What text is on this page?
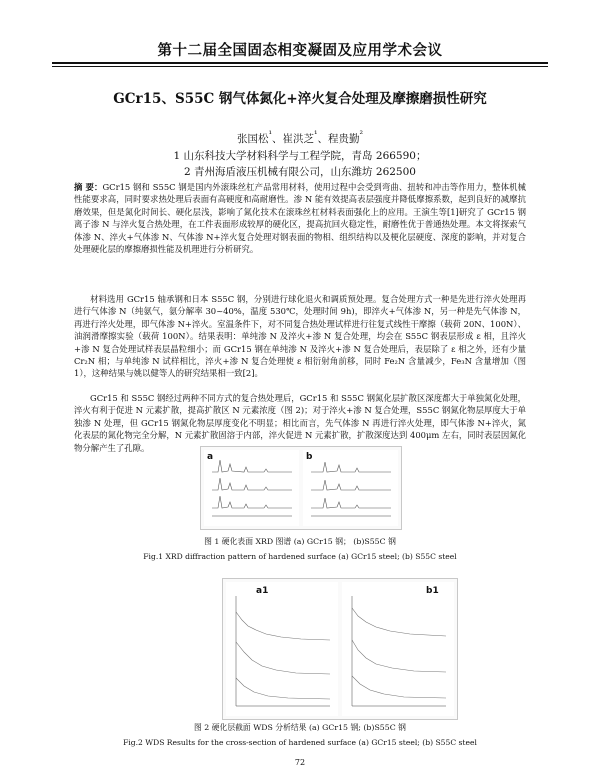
第十二届全国固态相变凝固及应用学术会议
GCr15、S55C 钢气体氮化+淬火复合处理及摩擦磨损性研究
张国松$^{^1}$、崔洪芝$^{^1}$、程贵勤$^{^2}$
1 山东科技大学材料科学与工程学院，青岛 266590；
2 青州海盾液压机械有限公司，山东潍坊 262500
摘 要：GCr15 钢和 S55C 钢是国内外滚珠丝杠产品常用材料，使用过程中会受到弯曲、扭转和冲击等作用力，整体机械性能要求高，同时要求热处理后表面有高硬度和高耐磨性。渗 N 能有效提高表层强度并降低摩擦系数，起到良好的减摩抗磨效果，但是氮化时间长、硬化层浅，影响了氮化技术在滚珠丝杠材料表面强化上的应用。王演生等[1]研究了 GCr15 钢离子渗 N 与淬火复合热处理，在工件表面形成较厚的硬化区，提高抗回火稳定性，耐磨性优于普通热处理。本文将探索气体渗 N、淬火+气体渗 N、气体渗 N+淬火复合处理对钢表面的物相、组织结构以及梗化层硬度、深度的影响，并对复合处理硬化层的摩擦磨损性能及机理进行分析研究。
材料选用 GCr15 轴承钢和日本 S55C 钢，分别进行球化退火和调质预处理。复合处理方式一种是先进行淬火处理再进行气体渗 N（纯氨气，氨分解率 30~40%，温度 530℃，处理时间 9h)，即淬火+气体渗 N，另一种是先气体渗 N，再进行淬火处理，即气体渗 N+淬火。室温条件下，对不同复合热处理试样进行往复式线性干摩擦（载荷 20N、100N）、油润滑摩擦实验（载荷 100N）。结果表明：单纯渗 N 及淬火+渗 N 复合处理，均会在 S55C 钢表层形成 ε 相，且淬火+渗 N 复合处理试样表层晶粒细小；而 GCr15 钢在单纯渗 N 及淬火+渗 N 复合处理后，表层除了 ε 相之外，还有少量 Cr₂N 相；与单纯渗 N 试样相比，淬火+渗 N 复合处理使 ε 相衍射角前移，同时 Fe₂N 含量减少，Fe₃N 含量增加（图 1），这种结果与姚以健等人的研究结果相一致[2]。
GCr15 和 S55C 钢经过两种不同方式的复合热处理后，GCr15 和 S55C 钢氮化层扩散区深度都大于单独氮化处理，淬火有利于促进 N 元素扩散，提高扩散区 N 元素浓度（图 2)；对于淬火+渗 N 复合处理，S55C 钢氮化物层厚度大于单独渗 N 处理，但 GCr15 钢氮化物层厚度变化不明显；相比而言，先气体渗 N 再进行淬火处理，即气体渗 N+淬火，氮化表层的氮化物完全分解，N 元素扩散固溶于内部，淬火促进 N 元素扩散，扩散深度达到 400μm 左右，同时表层因氮化物分解产生了孔隙。
a	b
图 1 硬化表面 XRD 图谱 (a) GCr15 钢； (b)S55C 钢
Fig.1 XRD diffraction pattern of hardened surface (a) GCr15 steel; (b) S55C steel
a1	b1
图 2 硬化层截面 WDS 分析结果 (a) GCr15 钢; (b)S55C 钢
Fig.2 WDS Results for the cross-section of hardened surface (a) GCr15 steel; (b) S55C steel
72
